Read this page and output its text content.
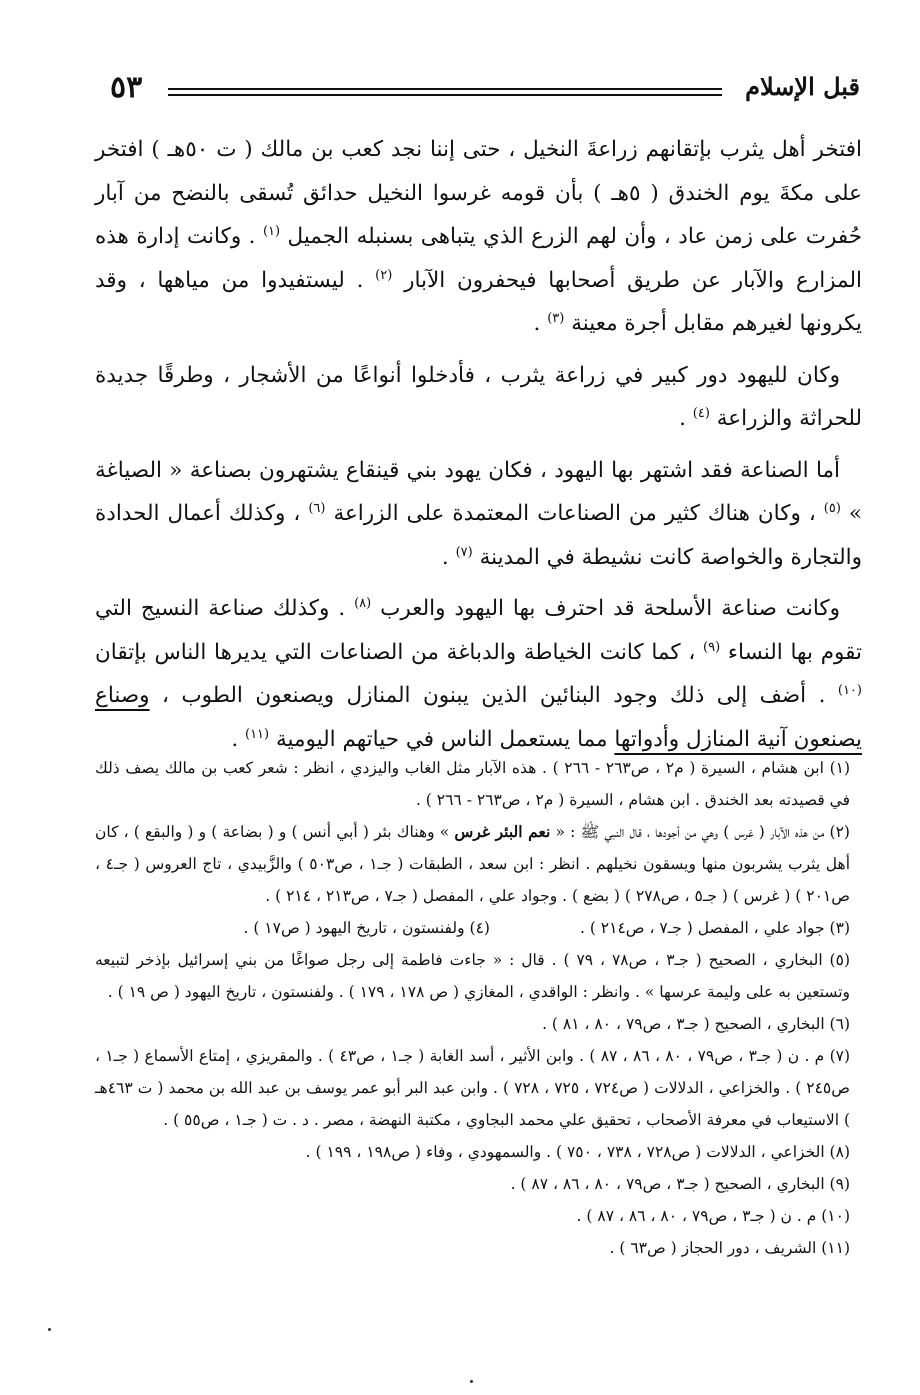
قبل الإسلام
٥٣

افتخر أهل يثرب بإتقانهم زراعةَ النخيل ، حتى إننا نجد كعب بن مالك ( ت ٥٠هـ ) افتخر على مكةَ يوم الخندق ( ٥هـ ) بأن قومه غرسوا النخيل حدائق تُسقى بالنضح من آبار حُفرت على زمن عاد ، وأن لهم الزرع الذي يتباهى بسنبله الجميل $^{(١)}$ . وكانت إدارة هذه المزارع والآبار عن طريق أصحابها فيحفرون الآبار $^{(٢)}$ . ليستفيدوا من مياهها ، وقد يكرونها لغيرهم مقابل أجرة معينة $^{(٣)}$ .

وكان لليهود دور كبير في زراعة يثرب ، فأدخلوا أنواعًا من الأشجار ، وطرقًا جديدة للحراثة والزراعة $^{(٤)}$ .

أما الصناعة فقد اشتهر بها اليهود ، فكان يهود بني قينقاع يشتهرون بصناعة « الصياغة » $^{(٥)}$ ، وكان هناك كثير من الصناعات المعتمدة على الزراعة $^{(٦)}$ ، وكذلك أعمال الحدادة والتجارة والخواصة كانت نشيطة في المدينة $^{(٧)}$ .

وكانت صناعة الأسلحة قد احترف بها اليهود والعرب $^{(٨)}$ . وكذلك صناعة النسيج التي تقوم بها النساء $^{(٩)}$ ، كما كانت الخياطة والدباغة من الصناعات التي يديرها الناس بإتقان $^{(١٠)}$ . أضف إلى ذلك وجود البنائين الذين يبنون المنازل ويصنعون الطوب ، وصناع يصنعون آنية المنازل وأدواتها مما يستعمل الناس في حياتهم اليومية $^{(١١)}$ .

(١) ابن هشام ، السيرة ( م٢ ، ص٢٦٣ - ٢٦٦ ) . هذه الآبار مثل الغاب واليزدي ، انظر : شعر كعب بن مالك يصف ذلك في قصيدته بعد الخندق . ابن هشام ، السيرة ( م٢ ، ص٢٦٣ - ٢٦٦ ) .

(٢) من هذه الآبار ( غرس ) وهي من أجودها ، قال النبي ﷺ : « نعم البئر غرس » وهناك بئر ( أبي أنس ) و ( بضاعة ) و ( والبقع ) ، كان أهل يثرب يشربون منها ويسقون نخيلهم . انظر : ابن سعد ، الطبقات ( جـ١ ، ص٥٠٣ ) والزَّبيدي ، تاج العروس ( جـ٤ ، ص٢٠١ ) ( غرس ) ( جـ٥ ، ص٢٧٨ ) ( بضع ) . وجواد علي ، المفصل ( جـ٧ ، ص٢١٣ ، ٢١٤ ) .

(٣) جواد علي ، المفصل ( جـ٧ ، ص٢١٤ ) .
(٤) ولفنستون ، تاريخ اليهود ( ص١٧ ) .

(٥) البخاري ، الصحيح ( جـ٣ ، ص٧٨ ، ٧٩ ) . قال : « جاءت فاطمة إلى رجل صواغًا من بني إسرائيل بإذخر لتبيعه وتستعين به على وليمة عرسها » . وانظر : الواقدي ، المغازي ( ص ١٧٨ ، ١٧٩ ) . ولفنستون ، تاريخ اليهود ( ص ١٩ ) .

(٦) البخاري ، الصحيح ( جـ٣ ، ص٧٩ ، ٨٠ ، ٨١ ) .

(٧) م . ن ( جـ٣ ، ص٧٩ ، ٨٠ ، ٨٦ ، ٨٧ ) . وابن الأثير ، أسد الغابة ( جـ١ ، ص٤٣ ) . والمقريزي ، إمتاع الأسماع ( جـ١ ، ص٢٤٥ ) . والخزاعي ، الدلالات ( ص٧٢٤ ، ٧٢٥ ، ٧٢٨ ) . وابن عبد البر أبو عمر يوسف بن عبد الله بن محمد ( ت ٤٦٣هـ ) الاستيعاب في معرفة الأصحاب ، تحقيق علي محمد البجاوي ، مكتبة النهضة ، مصر . د . ت ( جـ١ ، ص٥٥ ) .

(٨) الخزاعي ، الدلالات ( ص٧٢٨ ، ٧٣٨ ، ٧٥٠ ) . والسمهودي ، وفاء ( ص١٩٨ ، ١٩٩ ) .

(٩) البخاري ، الصحيح ( جـ٣ ، ص٧٩ ، ٨٠ ، ٨٦ ، ٨٧ ) .

(١٠) م . ن ( جـ٣ ، ص٧٩ ، ٨٠ ، ٨٦ ، ٨٧ ) .

(١١) الشريف ، دور الحجاز ( ص٦٣ ) .
